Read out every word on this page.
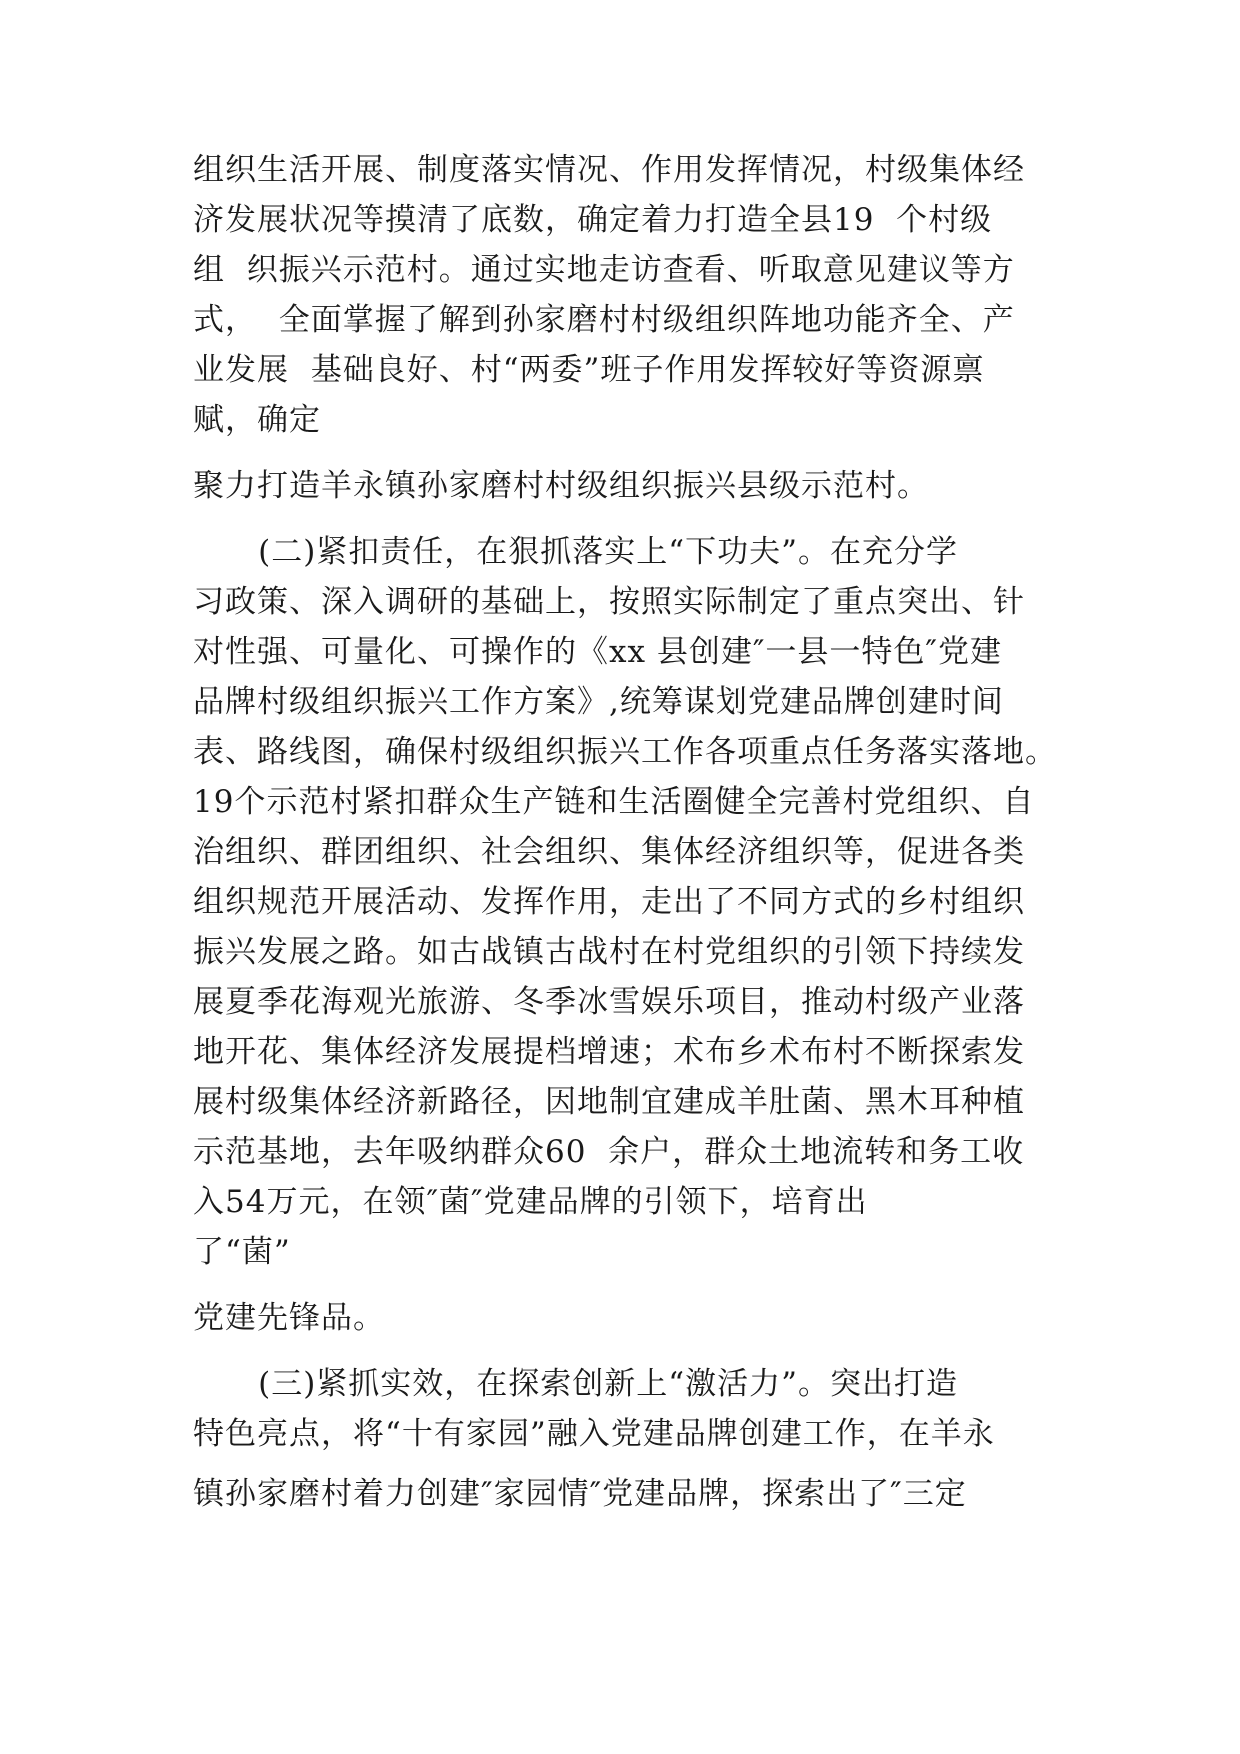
组织生活开展、制度落实情况、作用发挥情况，村级集体经
济发展状况等摸清了底数，确定着力打造全县19  个村级
组  织振兴示范村。通过实地走访查看、听取意见建议等方
式，  全面掌握了解到孙家磨村村级组织阵地功能齐全、产
业发展  基础良好、村“两委”班子作用发挥较好等资源禀
赋，确定
聚力打造羊永镇孙家磨村村级组织振兴县级示范村。
(二)紧扣责任，在狠抓落实上“下功夫”。在充分学
习政策、深入调研的基础上，按照实际制定了重点突出、针
对性强、可量化、可操作的《xx 县创建″一县一特色″党建
品牌村级组织振兴工作方案》,统筹谋划党建品牌创建时间
表、路线图，确保村级组织振兴工作各项重点任务落实落地。
19个示范村紧扣群众生产链和生活圈健全完善村党组织、自
治组织、群团组织、社会组织、集体经济组织等，促进各类
组织规范开展活动、发挥作用，走出了不同方式的乡村组织
振兴发展之路。如古战镇古战村在村党组织的引领下持续发
展夏季花海观光旅游、冬季冰雪娱乐项目，推动村级产业落
地开花、集体经济发展提档增速；术布乡术布村不断探索发
展村级集体经济新路径，因地制宜建成羊肚菌、黑木耳种植
示范基地，去年吸纳群众60  余户，群众土地流转和务工收
入54万元，在领″菌″党建品牌的引领下，培育出
了“菌”
党建先锋品。
(三)紧抓实效，在探索创新上“激活力”。突出打造
特色亮点，将“十有家园”融入党建品牌创建工作，在羊永
镇孙家磨村着力创建″家园情″党建品牌，探索出了″三定
